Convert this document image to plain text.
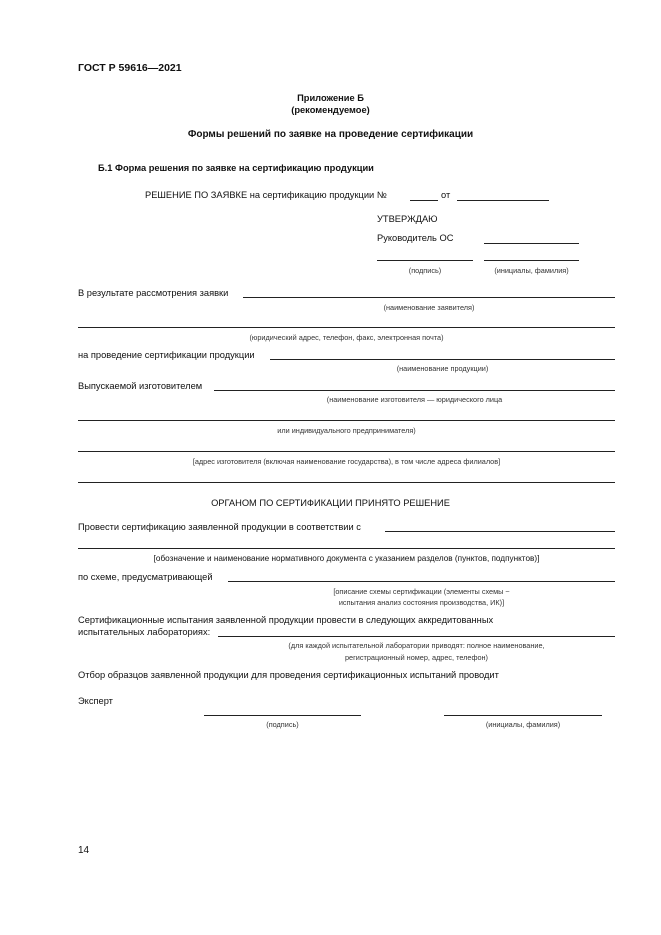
ГОСТ Р 59616—2021
Приложение Б
(рекомендуемое)
Формы решений по заявке на проведение сертификации
Б.1 Форма решения по заявке на сертификацию продукции
РЕШЕНИЕ ПО ЗАЯВКЕ на сертификацию продукции №	от
УТВЕРЖДАЮ
Руководитель ОС
(подпись)	(инициалы, фамилия)
В результате рассмотрения заявки
(наименование заявителя)
(юридический адрес, телефон, факс, электронная почта)
на проведение сертификации продукции
(наименование продукции)
Выпускаемой изготовителем
(наименование изготовителя — юридического лица
или индивидуального предпринимателя)
[адрес изготовителя (включая наименование государства), в том числе адреса филиалов]
ОРГАНОМ ПО СЕРТИФИКАЦИИ ПРИНЯТО РЕШЕНИЕ
Провести сертификацию заявленной продукции в соответствии с
[обозначение и наименование нормативного документа с указанием разделов (пунктов, подпунктов)]
по схеме, предусматривающей
[описание схемы сертификации (элементы схемы ~
испытания анализ состояния производства, ИК)]
Сертификационные испытания заявленной продукции провести в следующих аккредитованных
испытательных лабораториях:
(для каждой испытательной лаборатории приводят: полное наименование,
регистрационный номер, адрес, телефон)
Отбор образцов заявленной продукции для проведения сертификационных испытаний проводит
Эксперт
(подпись)	(инициалы, фамилия)
14
